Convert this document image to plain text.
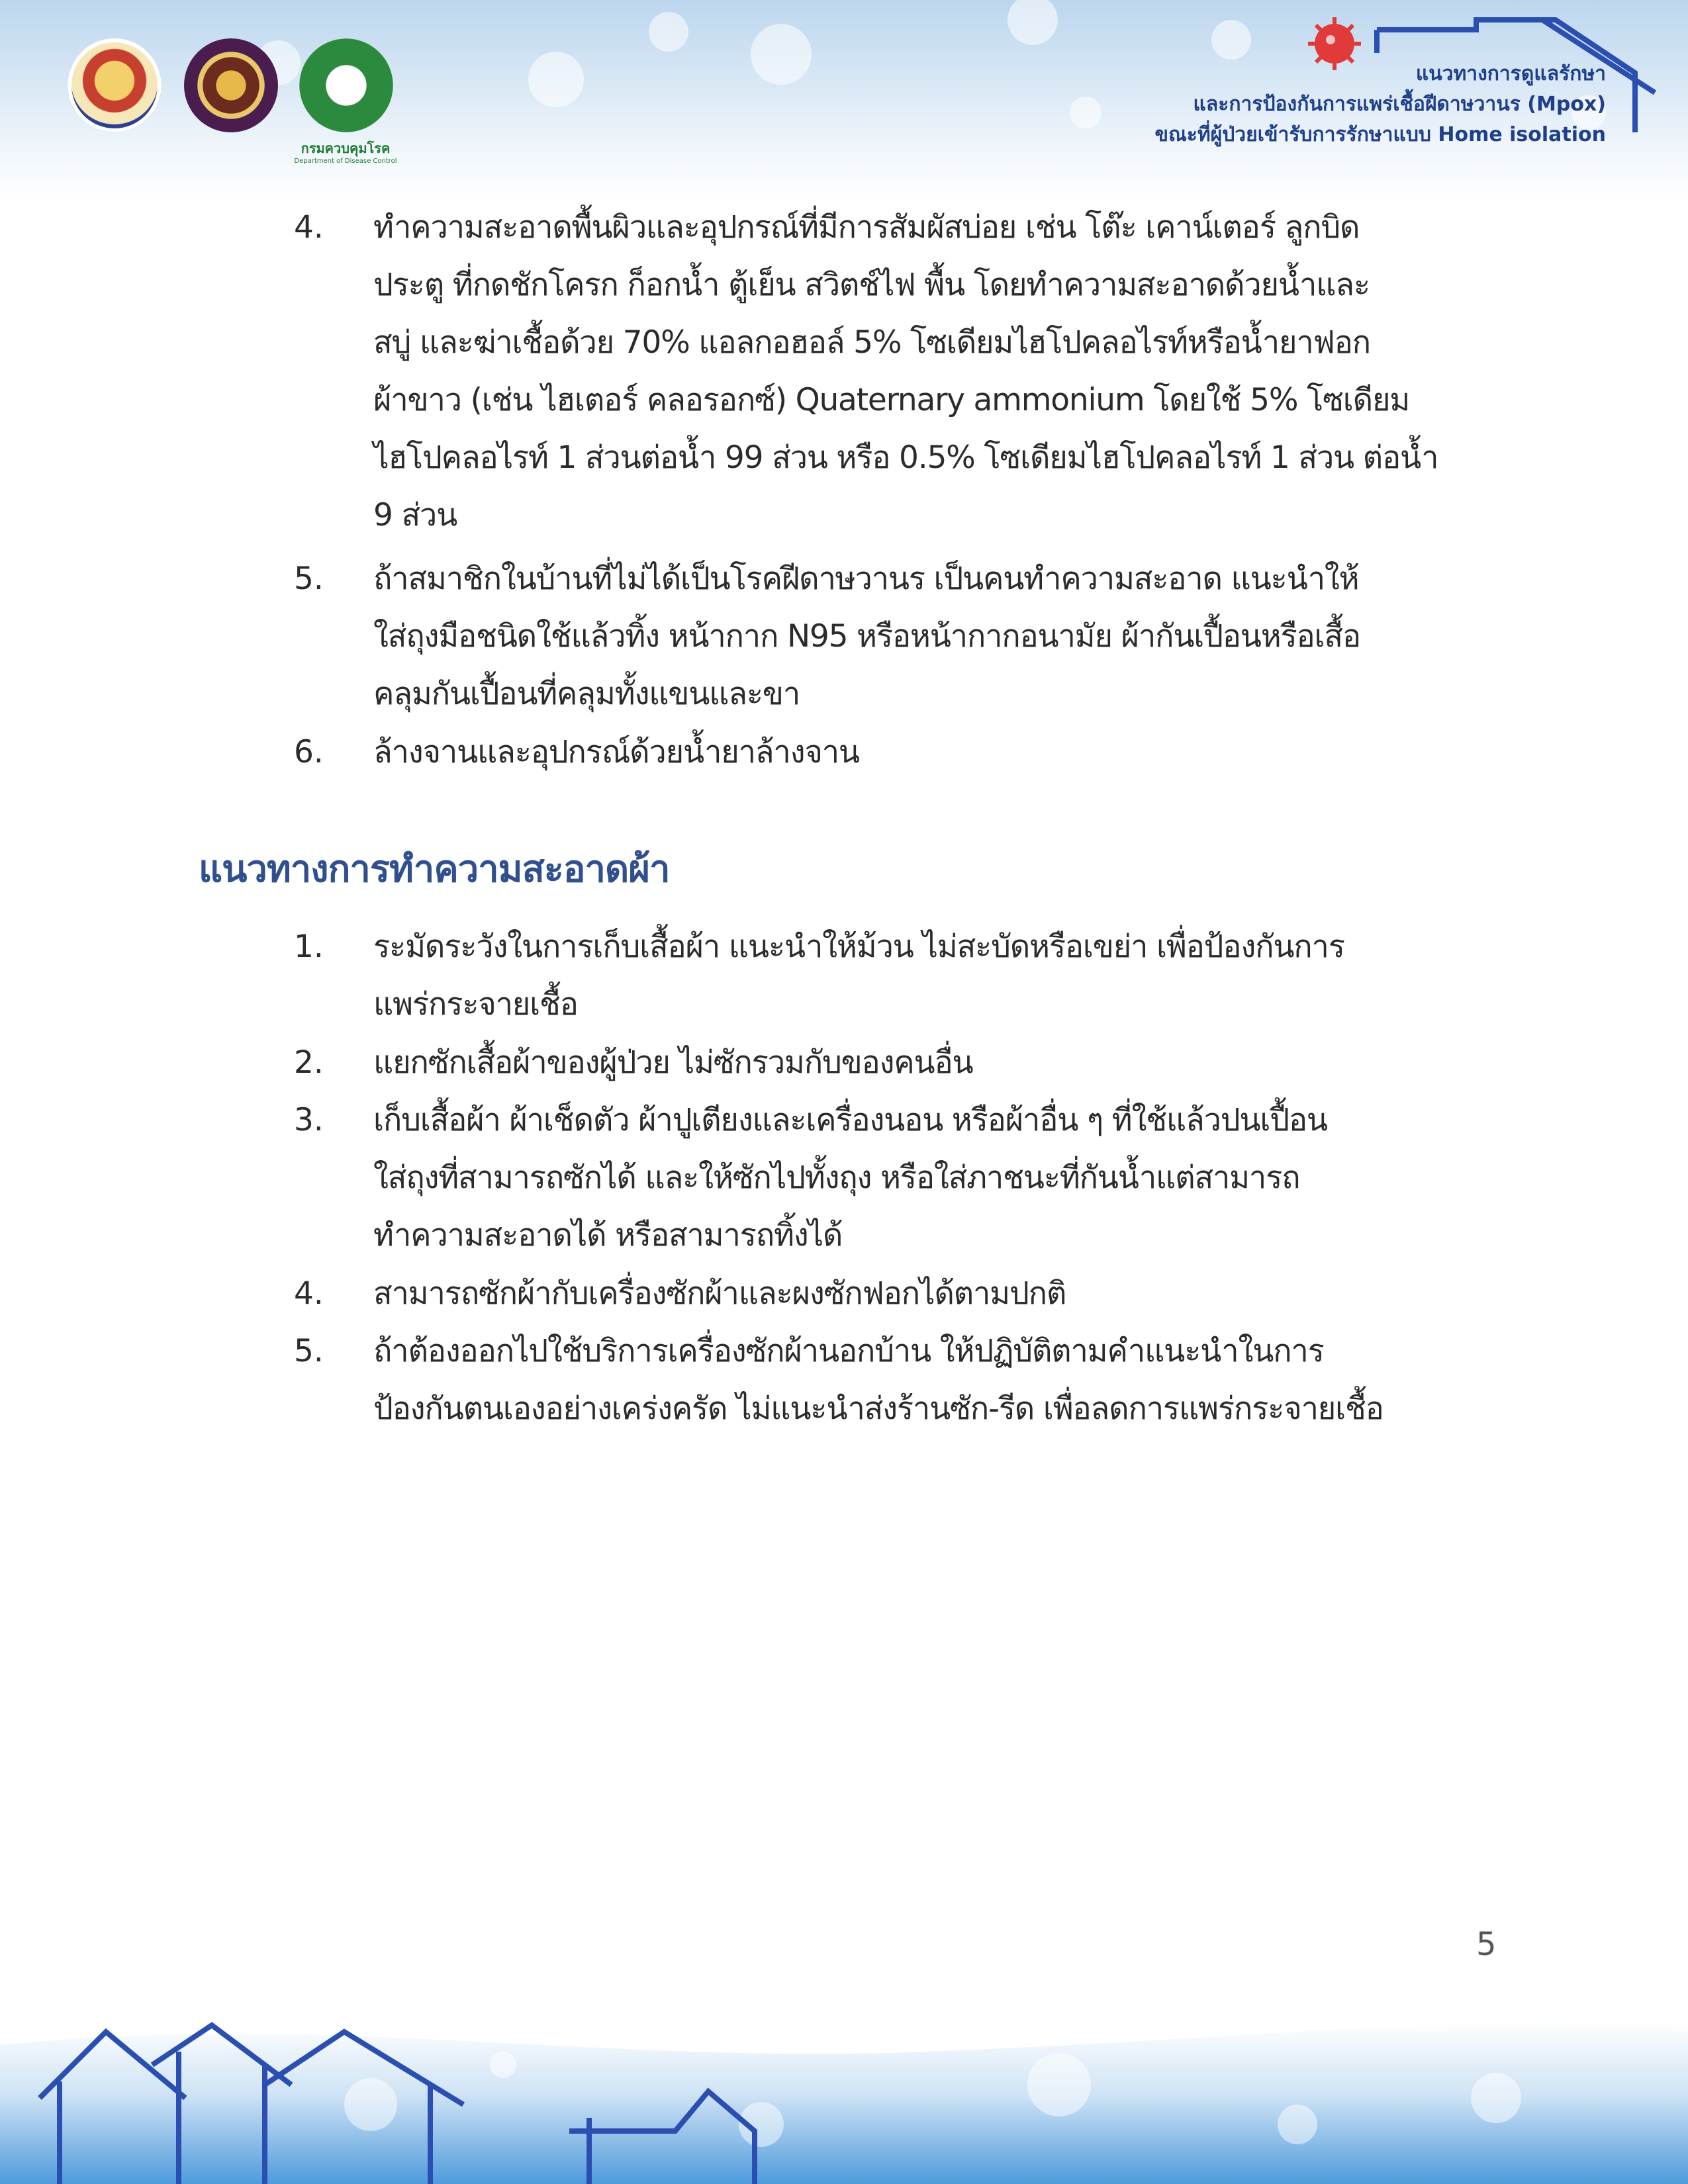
กรมควบคุมโรค
Department of Disease Control
แนวทางการดูแลรักษา
และการป้องกันการแพร่เชื้อฝีดาษวานร (Mpox)
ขณะที่ผู้ป่วยเข้ารับการรักษาแบบ Home isolation
4. ทำความสะอาดพื้นผิวและอุปกรณ์ที่มีการสัมผัสบ่อย เช่น โต๊ะ เคาน์เตอร์ ลูกบิด
ประตู ที่กดชักโครก ก็อกน้ำ ตู้เย็น สวิตช์ไฟ พื้น โดยทำความสะอาดด้วยน้ำและ
สบู่ และฆ่าเชื้อด้วย 70% แอลกอฮอล์ 5% โซเดียมไฮโปคลอไรท์หรือน้ำยาฟอก
ผ้าขาว (เช่น ไฮเตอร์ คลอรอกซ์) Quaternary ammonium โดยใช้ 5% โซเดียม
ไฮโปคลอไรท์ 1 ส่วนต่อน้ำ 99 ส่วน หรือ 0.5% โซเดียมไฮโปคลอไรท์ 1 ส่วน ต่อน้ำ
9 ส่วน
5. ถ้าสมาชิกในบ้านที่ไม่ได้เป็นโรคฝีดาษวานร เป็นคนทำความสะอาด แนะนำให้
ใส่ถุงมือชนิดใช้แล้วทิ้ง หน้ากาก N95 หรือหน้ากากอนามัย ผ้ากันเปื้อนหรือเสื้อ
คลุมกันเปื้อนที่คลุมทั้งแขนและขา
6. ล้างจานและอุปกรณ์ด้วยน้ำยาล้างจาน
แนวทางการทำความสะอาดผ้า
1. ระมัดระวังในการเก็บเสื้อผ้า แนะนำให้ม้วน ไม่สะบัดหรือเขย่า เพื่อป้องกันการ
แพร่กระจายเชื้อ
2. แยกซักเสื้อผ้าของผู้ป่วย ไม่ซักรวมกับของคนอื่น
3. เก็บเสื้อผ้า ผ้าเช็ดตัว ผ้าปูเตียงและเครื่องนอน หรือผ้าอื่น ๆ ที่ใช้แล้วปนเปื้อน
ใส่ถุงที่สามารถซักได้ และให้ซักไปทั้งถุง หรือใส่ภาชนะที่กันน้ำแต่สามารถ
ทำความสะอาดได้ หรือสามารถทิ้งได้
4. สามารถซักผ้ากับเครื่องซักผ้าและผงซักฟอกได้ตามปกติ
5. ถ้าต้องออกไปใช้บริการเครื่องซักผ้านอกบ้าน ให้ปฏิบัติตามคำแนะนำในการ
ป้องกันตนเองอย่างเคร่งครัด ไม่แนะนำส่งร้านซัก-รีด เพื่อลดการแพร่กระจายเชื้อ
5
